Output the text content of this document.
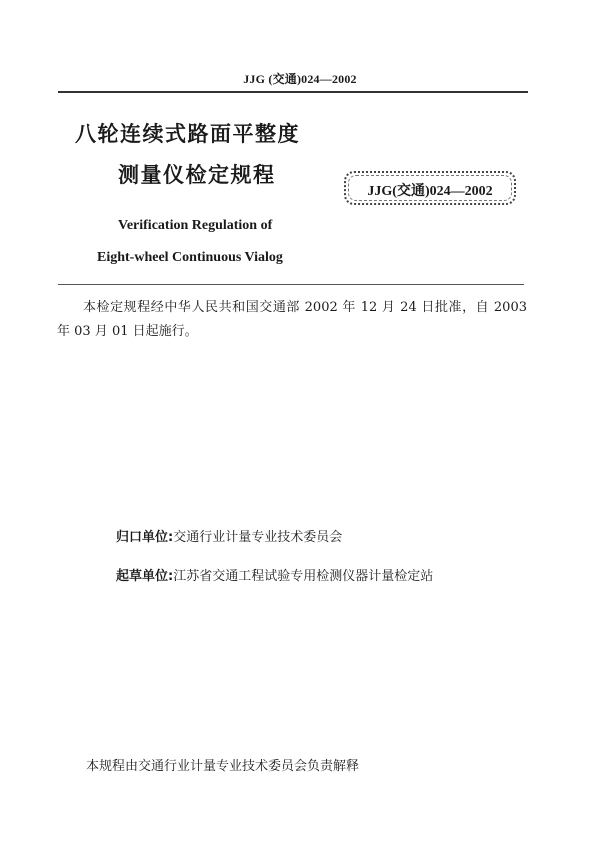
JJG (交通)024—2002
八轮连续式路面平整度
测量仪检定规程
JJG(交通)024—2002
Verification Regulation of
Eight-wheel Continuous Vialog
本检定规程经中华人民共和国交通部 2002 年 12 月 24 日批准，自 2003 年 03 月 01 日起施行。
归口单位:交通行业计量专业技术委员会
起草单位:江苏省交通工程试验专用检测仪器计量检定站
本规程由交通行业计量专业技术委员会负责解释
